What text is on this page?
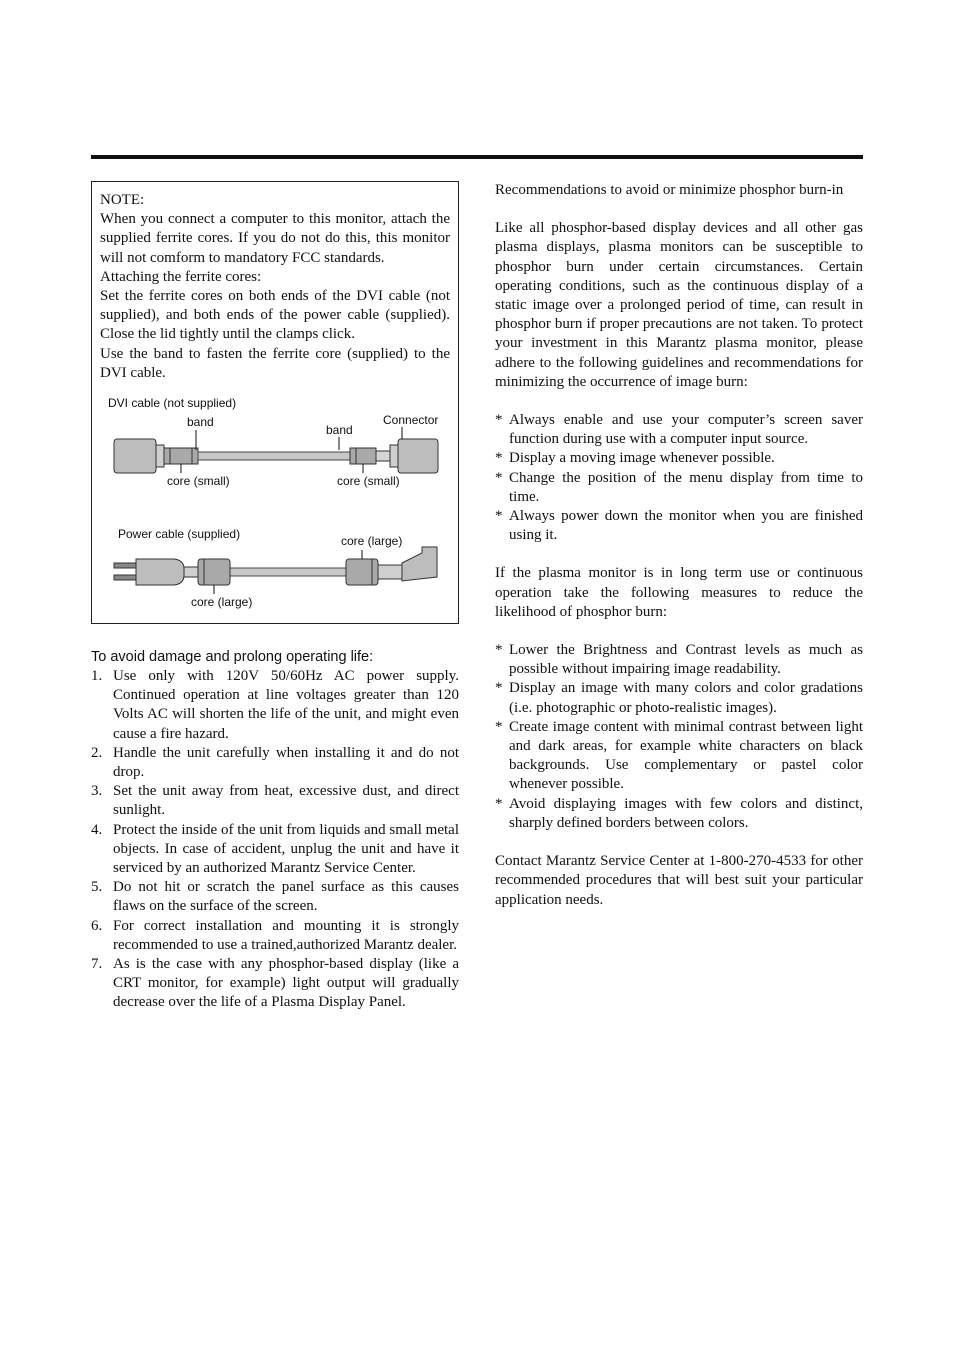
NOTE:

When you connect a computer to this monitor, attach the supplied ferrite cores. If you do not do this, this monitor will not comform to mandatory FCC standards.

Attaching the ferrite cores:

Set the ferrite cores on both ends of the DVI cable (not supplied), and both ends of the power cable (supplied). Close the lid tightly until the clamps click.

Use the band to fasten the ferrite core (supplied) to the DVI cable.

DVI cable (not supplied)
band
band
Connector
core (small)	core (small)
Power cable (supplied)	core (large)
core (large)
To avoid damage and prolong operating life:
1. Use only with 120V 50/60Hz AC power supply. Continued operation at line voltages greater than 120 Volts AC will shorten the life of the unit, and might even cause a fire hazard.
2. Handle the unit carefully when installing it and do not drop.
3. Set the unit away from heat, excessive dust, and direct sunlight.
4. Protect the inside of the unit from liquids and small metal objects. In case of accident, unplug the unit and have it serviced by an authorized Marantz Service Center.
5. Do not hit or scratch the panel surface as this causes flaws on the surface of the screen.
6. For correct installation and mounting it is strongly recommended to use a trained,authorized Marantz dealer.
7. As is the case with any phosphor-based display (like a CRT monitor, for example) light output will gradually decrease over the life of a Plasma Display Panel.

Recommendations to avoid or minimize phosphor burn-in

Like all phosphor-based display devices and all other gas plasma displays, plasma monitors can be susceptible to phosphor burn under certain circumstances. Certain operating conditions, such as the continuous display of a static image over a prolonged period of time, can result in phosphor burn if proper precautions are not taken. To protect your investment in this Marantz plasma monitor, please adhere to the following guidelines and recommendations for minimizing the occurrence of image burn:

* Always enable and use your computer’s screen saver function during use with a computer input source.
* Display a moving image whenever possible.
* Change the position of the menu display from time to time.
* Always power down the monitor when you are finished using it.

If the plasma monitor is in long term use or continuous operation take the following measures to reduce the likelihood of phosphor burn:

* Lower the Brightness and Contrast levels as much as possible without impairing image readability.
* Display an image with many colors and color gradations (i.e. photographic or photo-realistic images).
* Create image content with minimal contrast between light and dark areas, for example white characters on black backgrounds. Use complementary or pastel color whenever possible.
* Avoid displaying images with few colors and distinct, sharply defined borders between colors.

Contact Marantz Service Center at 1-800-270-4533 for other recommended procedures that will best suit your particular application needs.
